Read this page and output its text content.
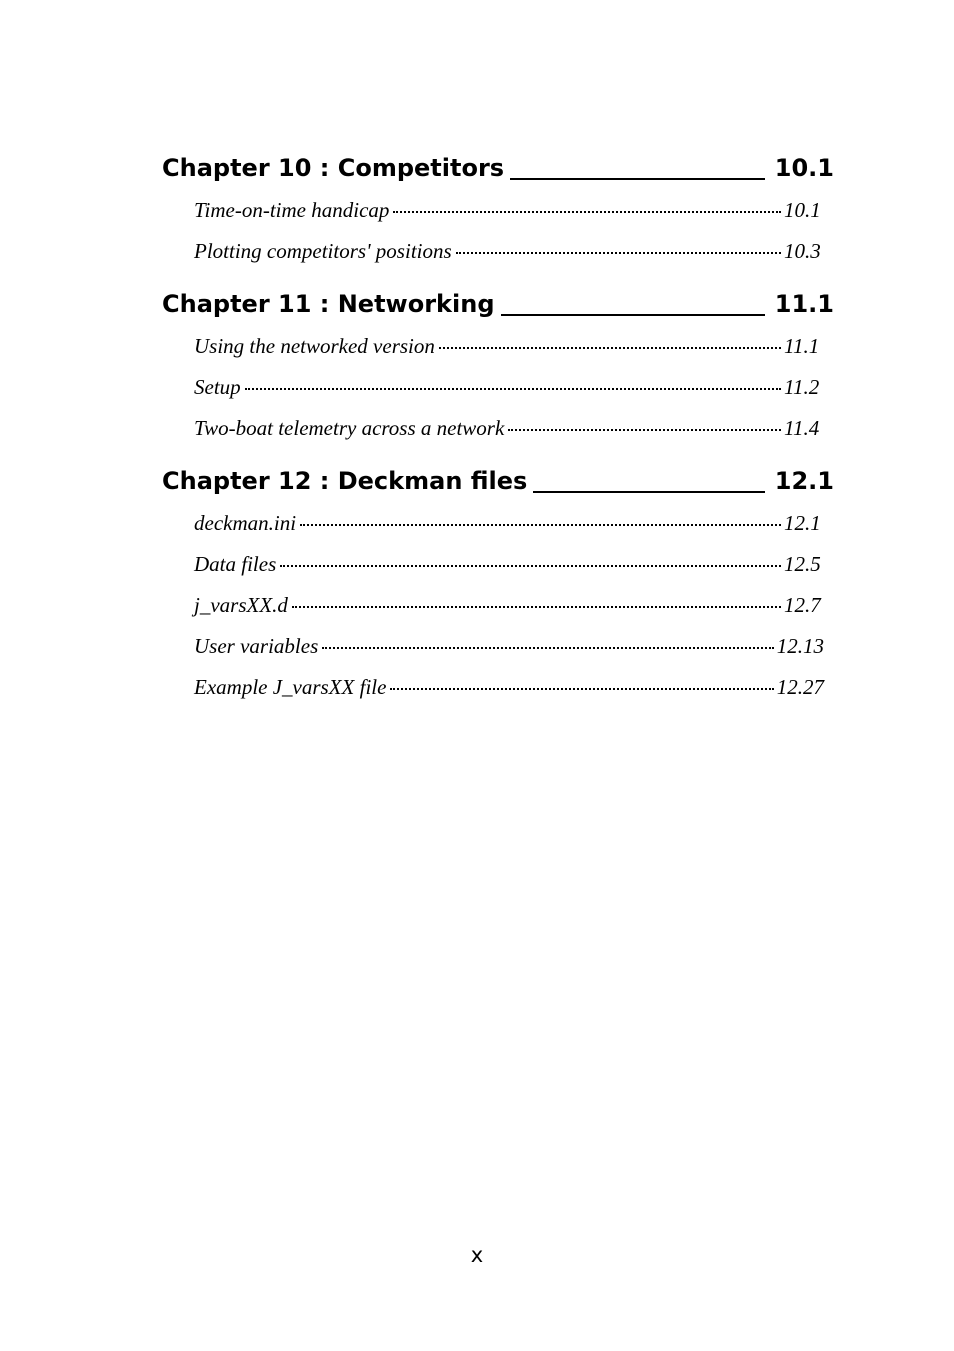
Chapter 10 : Competitors	10.1
Time-on-time handicap	10.1
Plotting competitors' positions	10.3
Chapter 11 : Networking	11.1
Using the networked version	11.1
Setup	11.2
Two-boat telemetry across a network	11.4
Chapter 12 : Deckman files	12.1
deckman.ini	12.1
Data files	12.5
j_varsXX.d	12.7
User variables	12.13
Example J_varsXX file	12.27
x
